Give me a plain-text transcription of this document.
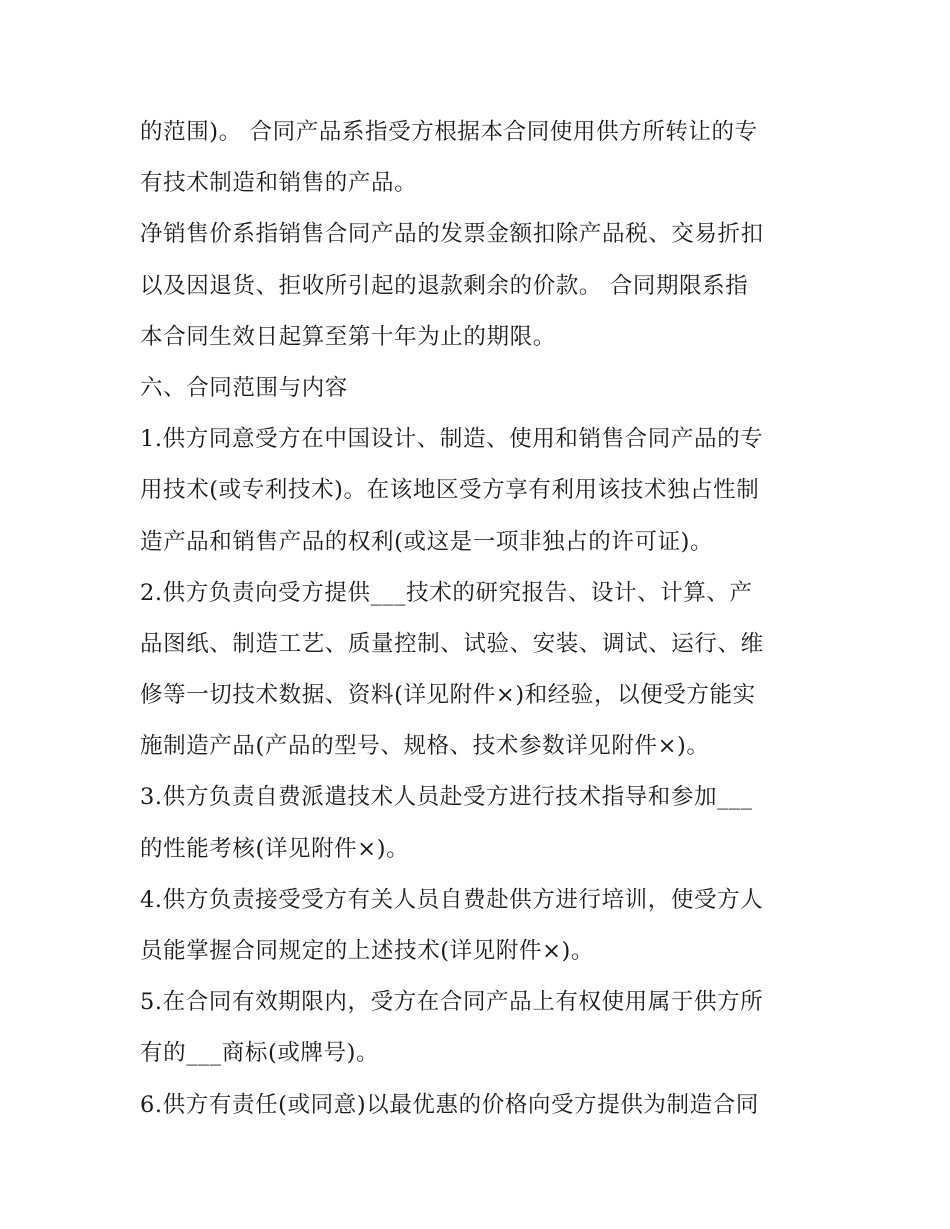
的范围)。 合同产品系指受方根据本合同使用供方所转让的专
有技术制造和销售的产品。
净销售价系指销售合同产品的发票金额扣除产品税、交易折扣
以及因退货、拒收所引起的退款剩余的价款。 合同期限系指
本合同生效日起算至第十年为止的期限。
六、合同范围与内容
1.供方同意受方在中国设计、制造、使用和销售合同产品的专
用技术(或专利技术)。在该地区受方享有利用该技术独占性制
造产品和销售产品的权利(或这是一项非独占的许可证)。
2.供方负责向受方提供___技术的研究报告、设计、计算、产
品图纸、制造工艺、质量控制、试验、安装、调试、运行、维
修等一切技术数据、资料(详见附件×)和经验，以便受方能实
施制造产品(产品的型号、规格、技术参数详见附件×)。
3.供方负责自费派遣技术人员赴受方进行技术指导和参加___
的性能考核(详见附件×)。
4.供方负责接受受方有关人员自费赴供方进行培训，使受方人
员能掌握合同规定的上述技术(详见附件×)。
5.在合同有效期限内，受方在合同产品上有权使用属于供方所
有的___商标(或牌号)。
6.供方有责任(或同意)以最优惠的价格向受方提供为制造合同
